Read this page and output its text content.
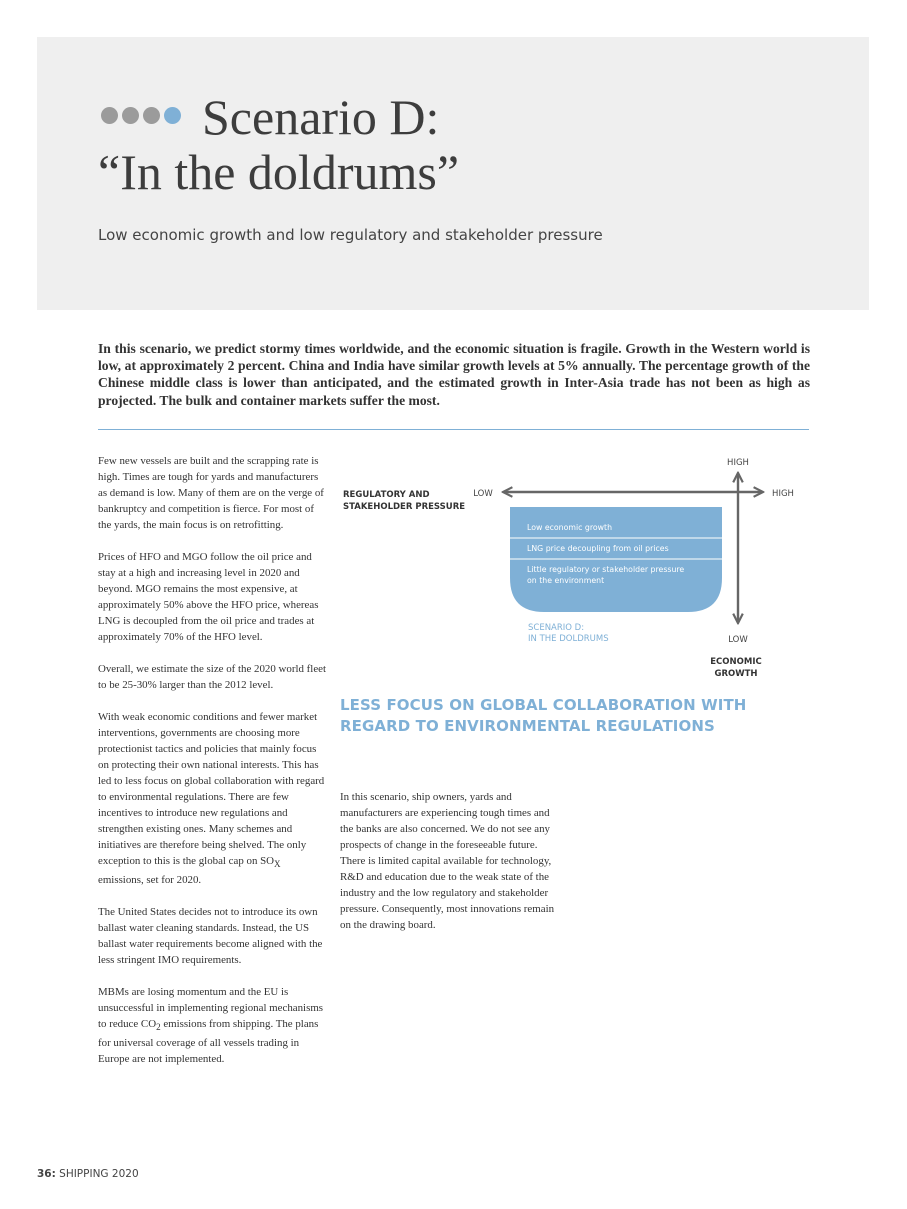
Scenario D:
“In the doldrums”
Low economic growth and low regulatory and stakeholder pressure

In this scenario, we predict stormy times worldwide, and the economic situation is fragile. Growth in the Western world is low, at approximately 2 percent. China and India have similar growth levels at 5% annually. The percentage growth of the Chinese middle class is lower than anticipated, and the estimated growth in Inter-Asia trade has not been as high as projected. The bulk and container markets suffer the most.

Few new vessels are built and the scrapping rate is high. Times are tough for yards and manufacturers as demand is low. Many of them are on the verge of bankruptcy and competition is fierce. For most of the yards, the main focus is on retrofitting.

Prices of HFO and MGO follow the oil price and stay at a high and increasing level in 2020 and beyond. MGO remains the most expensive, at approximately 50% above the HFO price, whereas LNG is decoupled from the oil price and trades at approximately 70% of the HFO level.

Overall, we estimate the size of the 2020 world fleet to be 25-30% larger than the 2012 level.

With weak economic conditions and fewer market interventions, governments are choosing more protectionist tactics and policies that mainly focus on protecting their own national interests. This has led to less focus on global collaboration with regard to environmental regulations. There are few incentives to introduce new regulations and strengthen existing ones. Many schemes and initiatives are therefore being shelved. The only exception to this is the global cap on $SO_X$ emissions, set for 2020.

The United States decides not to introduce its own ballast water cleaning standards. Instead, the US ballast water requirements become aligned with the less stringent IMO requirements.

MBMs are losing momentum and the EU is unsuccessful in implementing regional mechanisms to reduce $CO_2$ emissions from shipping. The plans for universal coverage of all vessels trading in Europe are not implemented.

HIGH
LOW
LOW	HIGH
REGULATORY AND
STAKEHOLDER PRESSURE
ECONOMIC
GROWTH
Low economic growth
LNG price decoupling from oil prices
Little regulatory or stakeholder pressure
on the environment
SCENARIO D:
IN THE DOLDRUMS
LESS FOCUS ON GLOBAL COLLABORATION WITH REGARD TO ENVIRONMENTAL REGULATIONS

In this scenario, ship owners, yards and manufacturers are experiencing tough times and the banks are also concerned. We do not see any prospects of change in the foreseeable future. There is limited capital available for technology, R&D and education due to the weak state of the industry and the low regulatory and stakeholder pressure. Consequently, most innovations remain on the drawing board.

36: SHIPPING 2020
